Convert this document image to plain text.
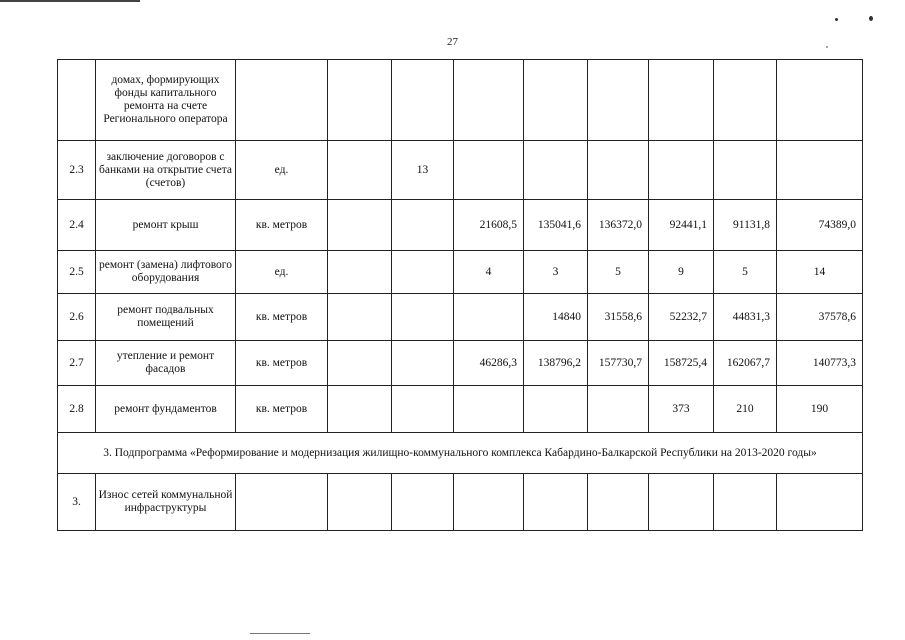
27
	домах, формирующих фонды капитального ремонта на счете Регионального оператора									
2.3	заключение договоров с банками на открытие счета (счетов)	ед.		13						
2.4	ремонт крыш	кв. метров			21608,5	135041,6	136372,0	92441,1	91131,8	74389,0
2.5	ремонт (замена) лифтового оборудования	ед.			4	3	5	9	5	14
2.6	ремонт подвальных помещений	кв. метров				14840	31558,6	52232,7	44831,3	37578,6
2.7	утепление и ремонт фасадов	кв. метров			46286,3	138796,2	157730,7	158725,4	162067,7	140773,3
2.8	ремонт фундаментов	кв. метров						373	210	190
3. Подпрограмма «Реформирование и модернизация жилищно-коммунального комплекса Кабардино-Балкарской Республики на 2013-2020 годы»										
3.	Износ сетей коммунальной инфраструктуры									
